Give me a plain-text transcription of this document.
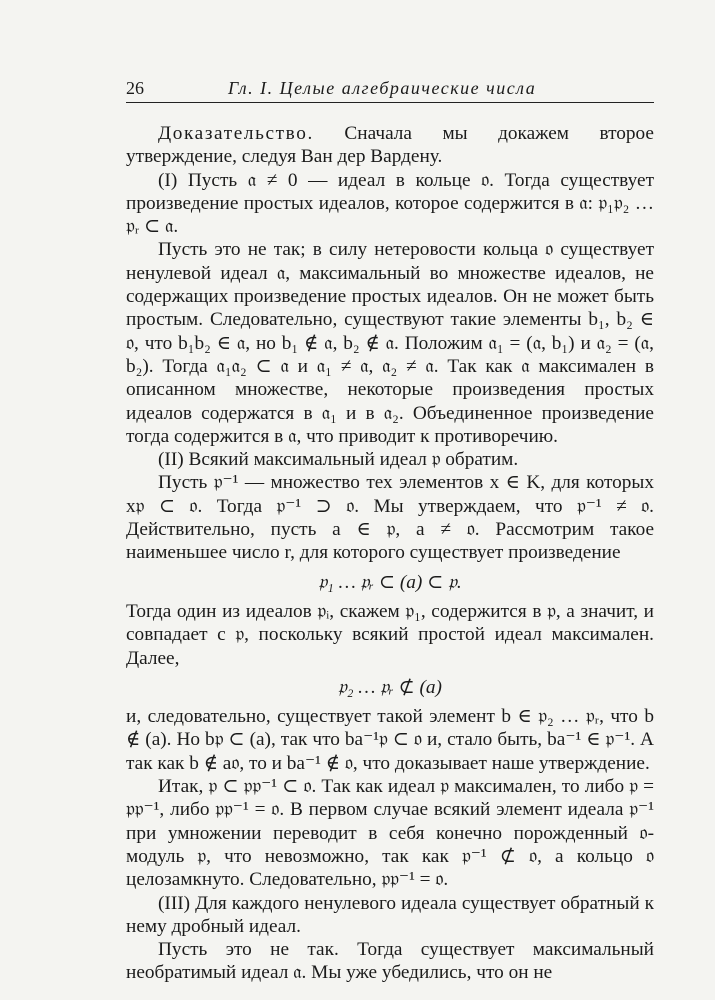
26	Гл. I. Целые алгебраические числа

Доказательство. Сначала мы докажем второе утверждение, следуя Ван дер Вардену.

(I) Пусть 𝔞 ≠ 0 — идеал в кольце 𝔬. Тогда существует произведение простых идеалов, которое содержится в 𝔞: 𝔭₁𝔭₂ … 𝔭ᵣ ⊂ 𝔞.

Пусть это не так; в силу нетеровости кольца 𝔬 существует ненулевой идеал 𝔞, максимальный во множестве идеалов, не содержащих произведение простых идеалов. Он не может быть простым. Следовательно, существуют такие элементы b₁, b₂ ∈ 𝔬, что b₁b₂ ∈ 𝔞, но b₁ ∉ 𝔞, b₂ ∉ 𝔞. Положим 𝔞₁ = (𝔞, b₁) и 𝔞₂ = (𝔞, b₂). Тогда 𝔞₁𝔞₂ ⊂ 𝔞 и 𝔞₁ ≠ 𝔞, 𝔞₂ ≠ 𝔞. Так как 𝔞 максимален в описанном множестве, некоторые произведения простых идеалов содержатся в 𝔞₁ и в 𝔞₂. Объединенное произведение тогда содержится в 𝔞, что приводит к противоречию.

(II) Всякий максимальный идеал 𝔭 обратим.

Пусть 𝔭⁻¹ — множество тех элементов x ∈ K, для которых x𝔭 ⊂ 𝔬. Тогда 𝔭⁻¹ ⊃ 𝔬. Мы утверждаем, что 𝔭⁻¹ ≠ 𝔬. Действительно, пусть a ∈ 𝔭, a ≠ 𝔬. Рассмотрим такое наименьшее число r, для которого существует произведение

𝔭₁ … 𝔭ᵣ ⊂ (a) ⊂ 𝔭.

Тогда один из идеалов 𝔭ᵢ, скажем 𝔭₁, содержится в 𝔭, а значит, и совпадает с 𝔭, поскольку всякий простой идеал максимален. Далее,

𝔭₂ … 𝔭ᵣ ⊄ (a)

и, следовательно, существует такой элемент b ∈ 𝔭₂ … 𝔭ᵣ, что b ∉ (a). Но b𝔭 ⊂ (a), так что ba⁻¹𝔭 ⊂ 𝔬 и, стало быть, ba⁻¹ ∈ 𝔭⁻¹. А так как b ∉ a𝔬, то и ba⁻¹ ∉ 𝔬, что доказывает наше утверждение.

Итак, 𝔭 ⊂ 𝔭𝔭⁻¹ ⊂ 𝔬. Так как идеал 𝔭 максимален, то либо 𝔭 = 𝔭𝔭⁻¹, либо 𝔭𝔭⁻¹ = 𝔬. В первом случае всякий элемент идеала 𝔭⁻¹ при умножении переводит в себя конечно порожденный 𝔬-модуль 𝔭, что невозможно, так как 𝔭⁻¹ ⊄ 𝔬, а кольцо 𝔬 целозамкнуто. Следовательно, 𝔭𝔭⁻¹ = 𝔬.

(III) Для каждого ненулевого идеала существует обратный к нему дробный идеал.

Пусть это не так. Тогда существует максимальный необратимый идеал 𝔞. Мы уже убедились, что он не
